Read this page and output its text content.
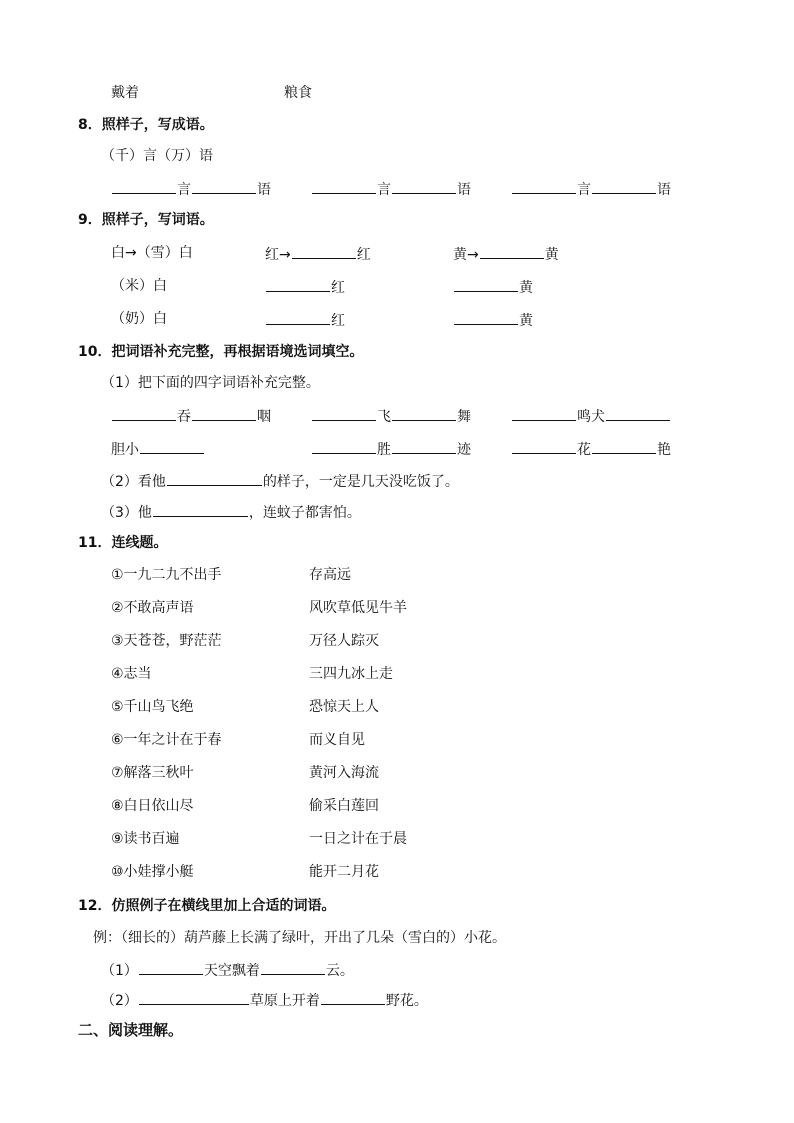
戴着	粮食
8．照样子，写成语。
（千）言（万）语
言	语	言	语	言	语
9．照样子，写词语。
白→（雪）白	红→	红	黄→	黄
（米）白	红	黄
（奶）白	红	黄
10．把词语补充完整，再根据语境选词填空。
（1）把下面的四字词语补充完整。
吞	咽	飞	舞	鸣犬
胆小	胜	迹	花	艳
（2）看他	的样子，一定是几天没吃饭了。
（3）他	，连蚊子都害怕。
11．连线题。
①一九二九不出手	存高远
②不敢高声语	风吹草低见牛羊
③天苍苍，野茫茫	万径人踪灭
④志当	三四九冰上走
⑤千山鸟飞绝	恐惊天上人
⑥一年之计在于春	而义自见
⑦解落三秋叶	黄河入海流
⑧白日依山尽	偷采白莲回
⑨读书百遍	一日之计在于晨
⑩小娃撑小艇	能开二月花
12．仿照例子在横线里加上合适的词语。
例：（细长的）葫芦藤上长满了绿叶，开出了几朵（雪白的）小花。
（1）	天空飘着	云。
（2）	草原上开着	野花。
二、阅读理解。
